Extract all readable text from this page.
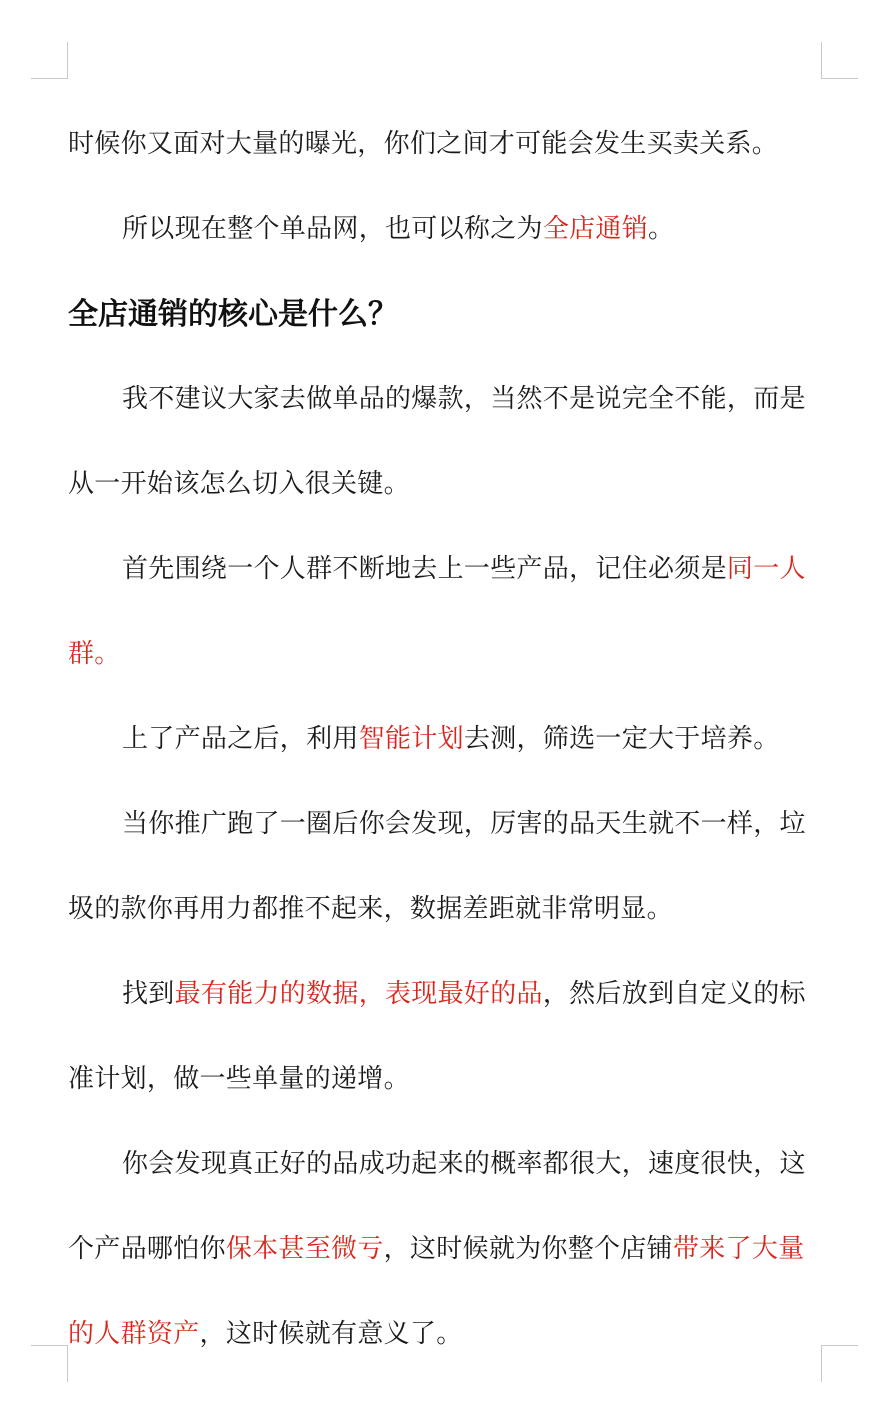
时候你又面对大量的曝光，你们之间才可能会发生买卖关系。

所以现在整个单品网，也可以称之为全店通销。

全店通销的核心是什么？

我不建议大家去做单品的爆款，当然不是说完全不能，而是从一开始该怎么切入很关键。

首先围绕一个人群不断地去上一些产品，记住必须是同一人群。

上了产品之后，利用智能计划去测，筛选一定大于培养。

当你推广跑了一圈后你会发现，厉害的品天生就不一样，垃圾的款你再用力都推不起来，数据差距就非常明显。

找到最有能力的数据，表现最好的品，然后放到自定义的标准计划，做一些单量的递增。

你会发现真正好的品成功起来的概率都很大，速度很快，这个产品哪怕你保本甚至微亏，这时候就为你整个店铺带来了大量的人群资产，这时候就有意义了。
